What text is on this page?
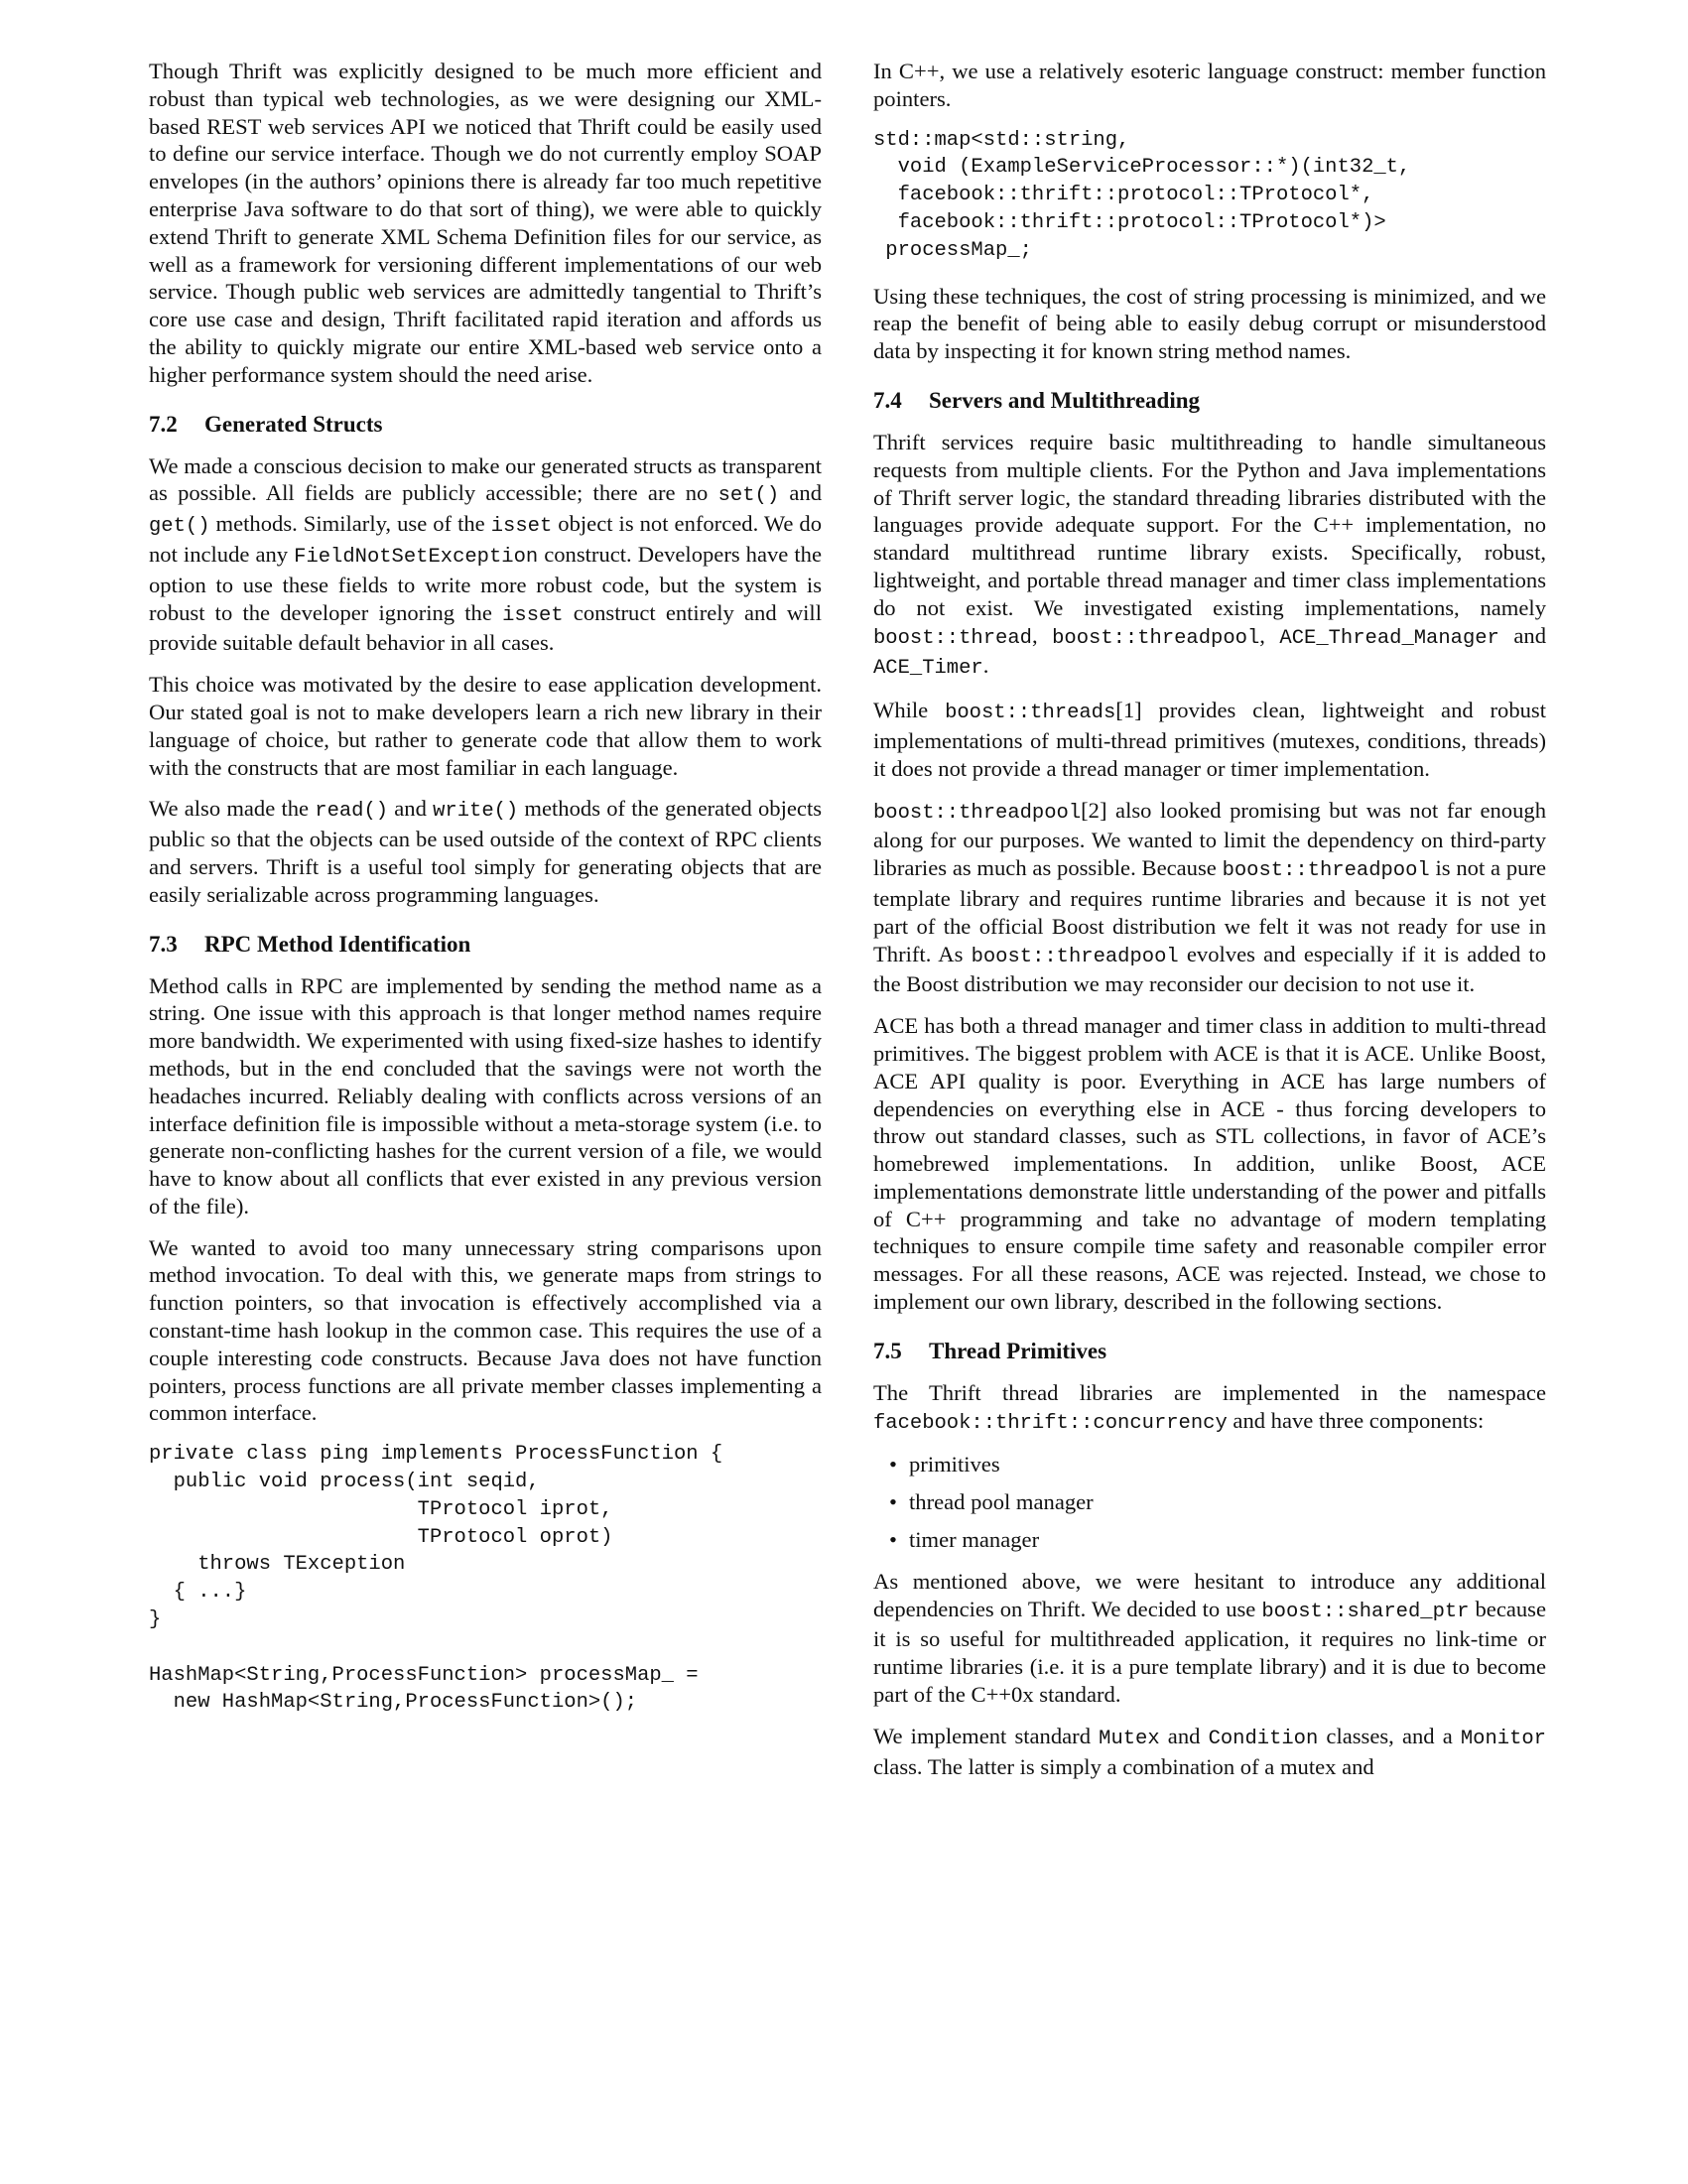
Though Thrift was explicitly designed to be much more efficient and robust than typical web technologies, as we were designing our XML-based REST web services API we noticed that Thrift could be easily used to define our service interface. Though we do not currently employ SOAP envelopes (in the authors’ opinions there is already far too much repetitive enterprise Java software to do that sort of thing), we were able to quickly extend Thrift to generate XML Schema Definition files for our service, as well as a framework for versioning different implementations of our web service. Though public web services are admittedly tangential to Thrift’s core use case and design, Thrift facilitated rapid iteration and affords us the ability to quickly migrate our entire XML-based web service onto a higher performance system should the need arise.

7.2 Generated Structs

We made a conscious decision to make our generated structs as transparent as possible. All fields are publicly accessible; there are no set() and get() methods. Similarly, use of the isset object is not enforced. We do not include any FieldNotSetException construct. Developers have the option to use these fields to write more robust code, but the system is robust to the developer ignoring the isset construct entirely and will provide suitable default behavior in all cases.

This choice was motivated by the desire to ease application development. Our stated goal is not to make developers learn a rich new library in their language of choice, but rather to generate code that allow them to work with the constructs that are most familiar in each language.

We also made the read() and write() methods of the generated objects public so that the objects can be used outside of the context of RPC clients and servers. Thrift is a useful tool simply for generating objects that are easily serializable across programming languages.

7.3 RPC Method Identification

Method calls in RPC are implemented by sending the method name as a string. One issue with this approach is that longer method names require more bandwidth. We experimented with using fixed-size hashes to identify methods, but in the end concluded that the savings were not worth the headaches incurred. Reliably dealing with conflicts across versions of an interface definition file is impossible without a meta-storage system (i.e. to generate non-conflicting hashes for the current version of a file, we would have to know about all conflicts that ever existed in any previous version of the file).

We wanted to avoid too many unnecessary string comparisons upon method invocation. To deal with this, we generate maps from strings to function pointers, so that invocation is effectively accomplished via a constant-time hash lookup in the common case. This requires the use of a couple interesting code constructs. Because Java does not have function pointers, process functions are all private member classes implementing a common interface.

private class ping implements ProcessFunction {
public void process(int seqid,
TProtocol iprot,
TProtocol oprot)
throws TException
{ ...}
}

HashMap<String,ProcessFunction> processMap_ =
new HashMap<String,ProcessFunction>();

In C++, we use a relatively esoteric language construct: member function pointers.

std::map<std::string,
void (ExampleServiceProcessor::*)(int32_t,
facebook::thrift::protocol::TProtocol*,
facebook::thrift::protocol::TProtocol*)>
processMap_;

Using these techniques, the cost of string processing is minimized, and we reap the benefit of being able to easily debug corrupt or misunderstood data by inspecting it for known string method names.

7.4 Servers and Multithreading

Thrift services require basic multithreading to handle simultaneous requests from multiple clients. For the Python and Java implementations of Thrift server logic, the standard threading libraries distributed with the languages provide adequate support. For the C++ implementation, no standard multithread runtime library exists. Specifically, robust, lightweight, and portable thread manager and timer class implementations do not exist. We investigated existing implementations, namely boost::thread, boost::threadpool, ACE_Thread_Manager and ACE_Timer.

While boost::threads[1] provides clean, lightweight and robust implementations of multi-thread primitives (mutexes, conditions, threads) it does not provide a thread manager or timer implementation.

boost::threadpool[2] also looked promising but was not far enough along for our purposes. We wanted to limit the dependency on third-party libraries as much as possible. Because boost::threadpool is not a pure template library and requires runtime libraries and because it is not yet part of the official Boost distribution we felt it was not ready for use in Thrift. As boost::threadpool evolves and especially if it is added to the Boost distribution we may reconsider our decision to not use it.

ACE has both a thread manager and timer class in addition to multi-thread primitives. The biggest problem with ACE is that it is ACE. Unlike Boost, ACE API quality is poor. Everything in ACE has large numbers of dependencies on everything else in ACE - thus forcing developers to throw out standard classes, such as STL collections, in favor of ACE’s homebrewed implementations. In addition, unlike Boost, ACE implementations demonstrate little understanding of the power and pitfalls of C++ programming and take no advantage of modern templating techniques to ensure compile time safety and reasonable compiler error messages. For all these reasons, ACE was rejected. Instead, we chose to implement our own library, described in the following sections.

7.5 Thread Primitives

The Thrift thread libraries are implemented in the namespace facebook::thrift::concurrency and have three components:

• primitives
• thread pool manager
• timer manager

As mentioned above, we were hesitant to introduce any additional dependencies on Thrift. We decided to use boost::shared_ptr because it is so useful for multithreaded application, it requires no link-time or runtime libraries (i.e. it is a pure template library) and it is due to become part of the C++0x standard.

We implement standard Mutex and Condition classes, and a Monitor class. The latter is simply a combination of a mutex and
